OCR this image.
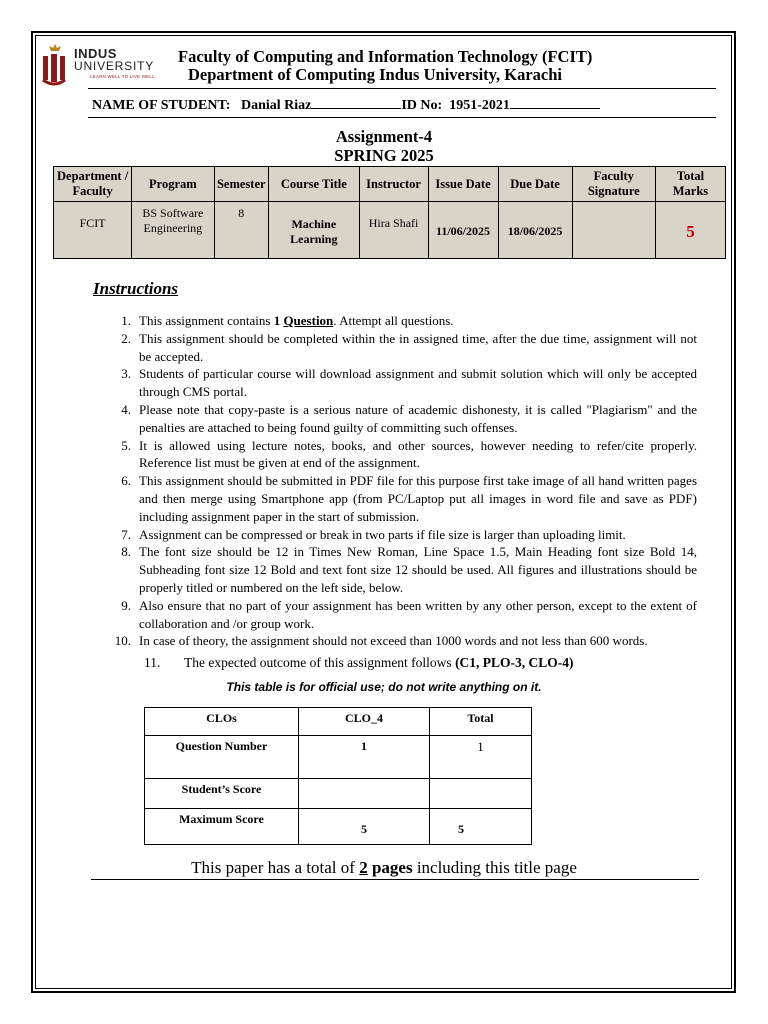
INDUS
UNIVERSITY
LEARN WELL TO LIVE WELL
Faculty of Computing and Information Technology (FCIT)
Department of Computing Indus University, Karachi
NAME OF STUDENT: Danial Riaz	ID No: 1951-2021
Assignment-4
SPRING 2025
Department / Faculty	Program	Semester	Course Title	Instructor	Issue Date	Due Date	Faculty Signature	Total Marks
FCIT	BS Software Engineering	8	Machine Learning	Hira Shafi	11/06/2025	18/06/2025		5
Instructions
1. This assignment contains 1 Question. Attempt all questions.
2. This assignment should be completed within the in assigned time, after the due time, assignment will not be accepted.
3. Students of particular course will download assignment and submit solution which will only be accepted through CMS portal.
4. Please note that copy-paste is a serious nature of academic dishonesty, it is called "Plagiarism" and the penalties are attached to being found guilty of committing such offenses.
5. It is allowed using lecture notes, books, and other sources, however needing to refer/cite properly. Reference list must be given at end of the assignment.
6. This assignment should be submitted in PDF file for this purpose first take image of all hand written pages and then merge using Smartphone app (from PC/Laptop put all images in word file and save as PDF) including assignment paper in the start of submission.
7. Assignment can be compressed or break in two parts if file size is larger than uploading limit.
8. The font size should be 12 in Times New Roman, Line Space 1.5, Main Heading font size Bold 14, Subheading font size 12 Bold and text font size 12 should be used. All figures and illustrations should be properly titled or numbered on the left side, below.
9. Also ensure that no part of your assignment has been written by any other person, except to the extent of collaboration and /or group work.
10. In case of theory, the assignment should not exceed than 1000 words and not less than 600 words.
11. The expected outcome of this assignment follows (C1, PLO-3, CLO-4)
This table is for official use; do not write anything on it.
CLOs	CLO_4	Total
Question Number	1	1
Student’s Score		
Maximum Score	5	5
This paper has a total of 2 pages including this title page
